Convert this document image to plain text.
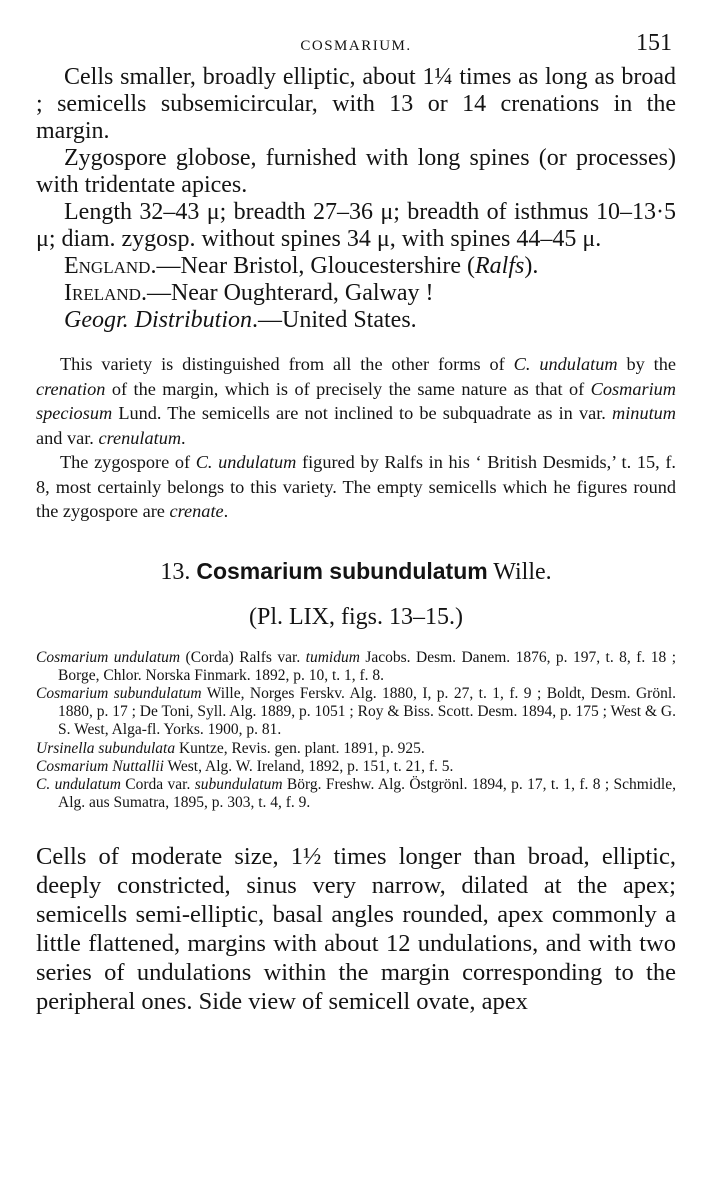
COSMARIUM.	151

Cells smaller, broadly elliptic, about 1¼ times as long as broad ; semicells subsemicircular, with 13 or 14 crenations in the margin.

Zygospore globose, furnished with long spines (or processes) with tridentate apices.

Length 32–43 μ; breadth 27–36 μ; breadth of isthmus 10–13·5 μ; diam. zygosp. without spines 34 μ, with spines 44–45 μ.

England.—Near Bristol, Gloucestershire (Ralfs).

Ireland.—Near Oughterard, Galway !

Geogr. Distribution.—United States.

This variety is distinguished from all the other forms of C. undulatum by the crenation of the margin, which is of precisely the same nature as that of Cosmarium speciosum Lund. The semicells are not inclined to be subquadrate as in var. minutum and var. crenulatum.

The zygospore of C. undulatum figured by Ralfs in his ‘ British Desmids,’ t. 15, f. 8, most certainly belongs to this variety. The empty semicells which he figures round the zygospore are crenate.

13. Cosmarium subundulatum Wille.
(Pl. LIX, figs. 13–15.)

Cosmarium undulatum (Corda) Ralfs var. tumidum Jacobs. Desm. Danem. 1876, p. 197, t. 8, f. 18 ; Borge, Chlor. Norska Finmark. 1892, p. 10, t. 1, f. 8.

Cosmarium subundulatum Wille, Norges Ferskv. Alg. 1880, I, p. 27, t. 1, f. 9 ; Boldt, Desm. Grönl. 1880, p. 17 ; De Toni, Syll. Alg. 1889, p. 1051 ; Roy & Biss. Scott. Desm. 1894, p. 175 ; West & G. S. West, Alga-fl. Yorks. 1900, p. 81.

Ursinella subundulata Kuntze, Revis. gen. plant. 1891, p. 925.

Cosmarium Nuttallii West, Alg. W. Ireland, 1892, p. 151, t. 21, f. 5.

C. undulatum Corda var. subundulatum Börg. Freshw. Alg. Östgrönl. 1894, p. 17, t. 1, f. 8 ; Schmidle, Alg. aus Sumatra, 1895, p. 303, t. 4, f. 9.

Cells of moderate size, 1½ times longer than broad, elliptic, deeply constricted, sinus very narrow, dilated at the apex; semicells semi-elliptic, basal angles rounded, apex commonly a little flattened, margins with about 12 undulations, and with two series of undulations within the margin corresponding to the peripheral ones. Side view of semicell ovate, apex
